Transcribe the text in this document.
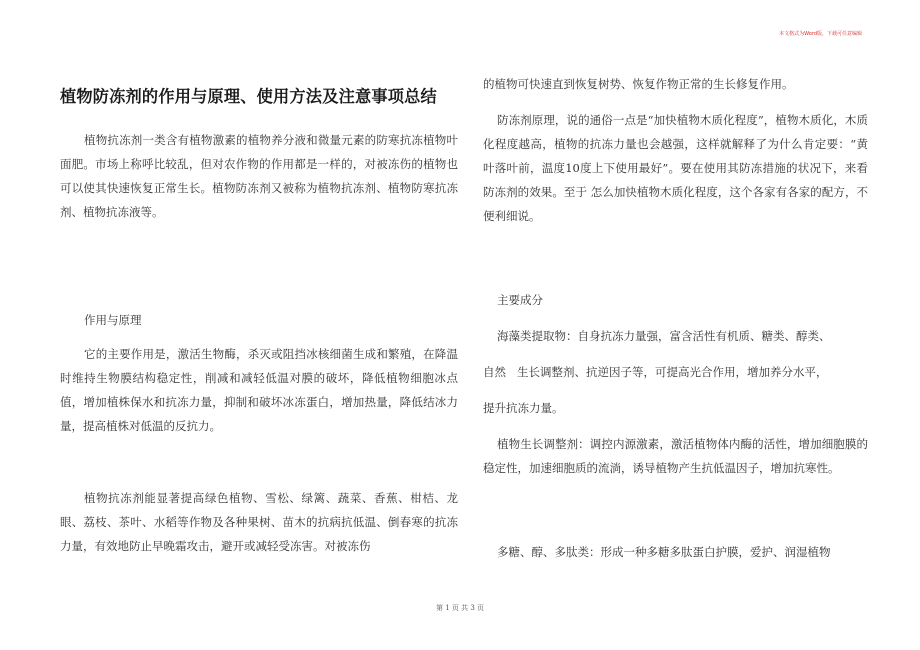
本文格式为Word版，下载可任意编辑
植物防冻剂的作用与原理、使用方法及注意事项总结

植物抗冻剂一类含有植物激素的植物养分液和微量元素的防寒抗冻植物叶面肥。市场上称呼比较乱，但对农作物的作用都是一样的，对被冻伤的植物也可以使其快速恢复正常生长。植物防冻剂又被称为植物抗冻剂、植物防寒抗冻剂、植物抗冻液等。

作用与原理

它的主要作用是，激活生物酶，杀灭或阻挡冰核细菌生成和繁殖，在降温时维持生物膜结构稳定性，削减和减轻低温对膜的破坏，降低植物细胞冰点值，增加植株保水和抗冻力量，抑制和破坏冰冻蛋白，增加热量，降低结冰力量，提高植株对低温的反抗力。

植物抗冻剂能显著提高绿色植物、雪松、绿篱、蔬菜、香蕉、柑桔、龙眼、荔枝、茶叶、水稻等作物及各种果树、苗木的抗病抗低温、倒春寒的抗冻力量，有效地防止早晚霜攻击，避开或减轻受冻害。对被冻伤

的植物可快速直到恢复树势、恢复作物正常的生长修复作用。

防冻剂原理，说的通俗一点是“加快植物木质化程度”，植物木质化，木质化程度越高，植物的抗冻力量也会越强，这样就解释了为什么肯定要：“黄叶落叶前，温度10度上下使用最好”。要在使用其防冻措施的状况下，来看防冻剂的效果。至于 怎么加快植物木质化程度，这个各家有各家的配方，不便利细说。

主要成分

海藻类提取物：自身抗冻力量强，富含活性有机质、糖类、醇类、

自然   生长调整剂、抗逆因子等，可提高光合作用，增加养分水平，

提升抗冻力量。

植物生长调整剂：调控内源激素，激活植物体内酶的活性，增加细胞膜的稳定性，加速细胞质的流淌，诱导植物产生抗低温因子，增加抗寒性。

多糖、醇、多肽类：形成一种多糖多肽蛋白护膜，爱护、润湿植物

第 1 页 共 3 页
